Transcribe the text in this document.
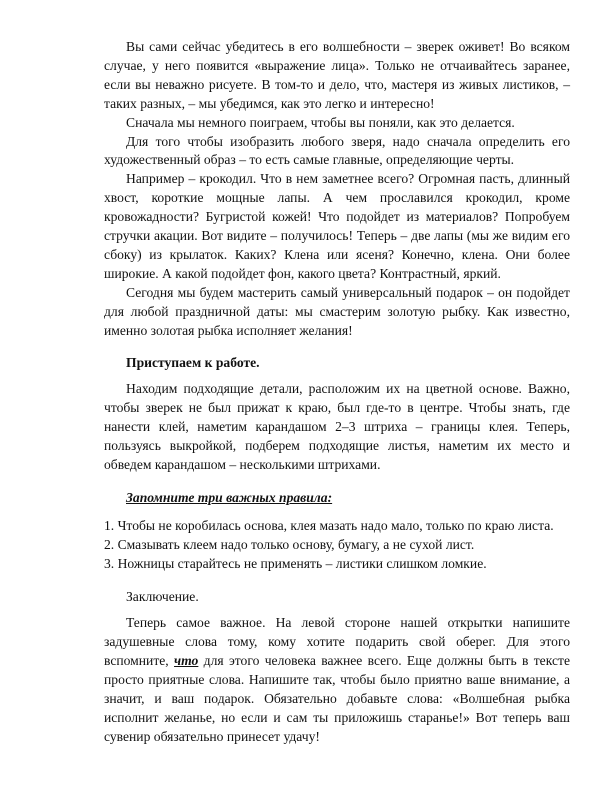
Вы сами сейчас убедитесь в его волшебности – зверек оживет! Во всяком случае, у него появится «выражение лица». Только не отчаивайтесь заранее, если вы неважно рисуете. В том-то и дело, что, мастеря из живых листиков, – таких разных, – мы убедимся, как это легко и интересно!

Сначала мы немного поиграем, чтобы вы поняли, как это делается.

Для того чтобы изобразить любого зверя, надо сначала определить его художественный образ – то есть самые главные, определяющие черты.

Например – крокодил. Что в нем заметнее всего? Огромная пасть, длинный хвост, короткие мощные лапы. А чем прославился крокодил, кроме кровожадности? Бугристой кожей! Что подойдет из материалов? Попробуем стручки акации. Вот видите – получилось! Теперь – две лапы (мы же видим его сбоку) из крылаток. Каких? Клена или ясеня? Конечно, клена. Они более широкие. А какой подойдет фон, какого цвета? Контрастный, яркий.

Сегодня мы будем мастерить самый универсальный подарок – он подойдет для любой праздничной даты: мы смастерим золотую рыбку. Как известно, именно золотая рыбка исполняет желания!

Приступаем к работе.

Находим подходящие детали, расположим их на цветной основе. Важно, чтобы зверек не был прижат к краю, был где-то в центре. Чтобы знать, где нанести клей, наметим карандашом 2–3 штриха – границы клея. Теперь, пользуясь выкройкой, подберем подходящие листья, наметим их место и обведем карандашом – несколькими штрихами.

Запомните три важных правила:

1. Чтобы не коробилась основа, клея мазать надо мало, только по краю листа.

2. Смазывать клеем надо только основу, бумагу, а не сухой лист.

3. Ножницы старайтесь не применять – листики слишком ломкие.

Заключение.

Теперь самое важное. На левой стороне нашей открытки напишите задушевные слова тому, кому хотите подарить свой оберег. Для этого вспомните, что для этого человека важнее всего. Еще должны быть в тексте просто приятные слова. Напишите так, чтобы было приятно ваше внимание, а значит, и ваш подарок. Обязательно добавьте слова: «Волшебная рыбка исполнит желанье, но если и сам ты приложишь старанье!» Вот теперь ваш сувенир обязательно принесет удачу!
